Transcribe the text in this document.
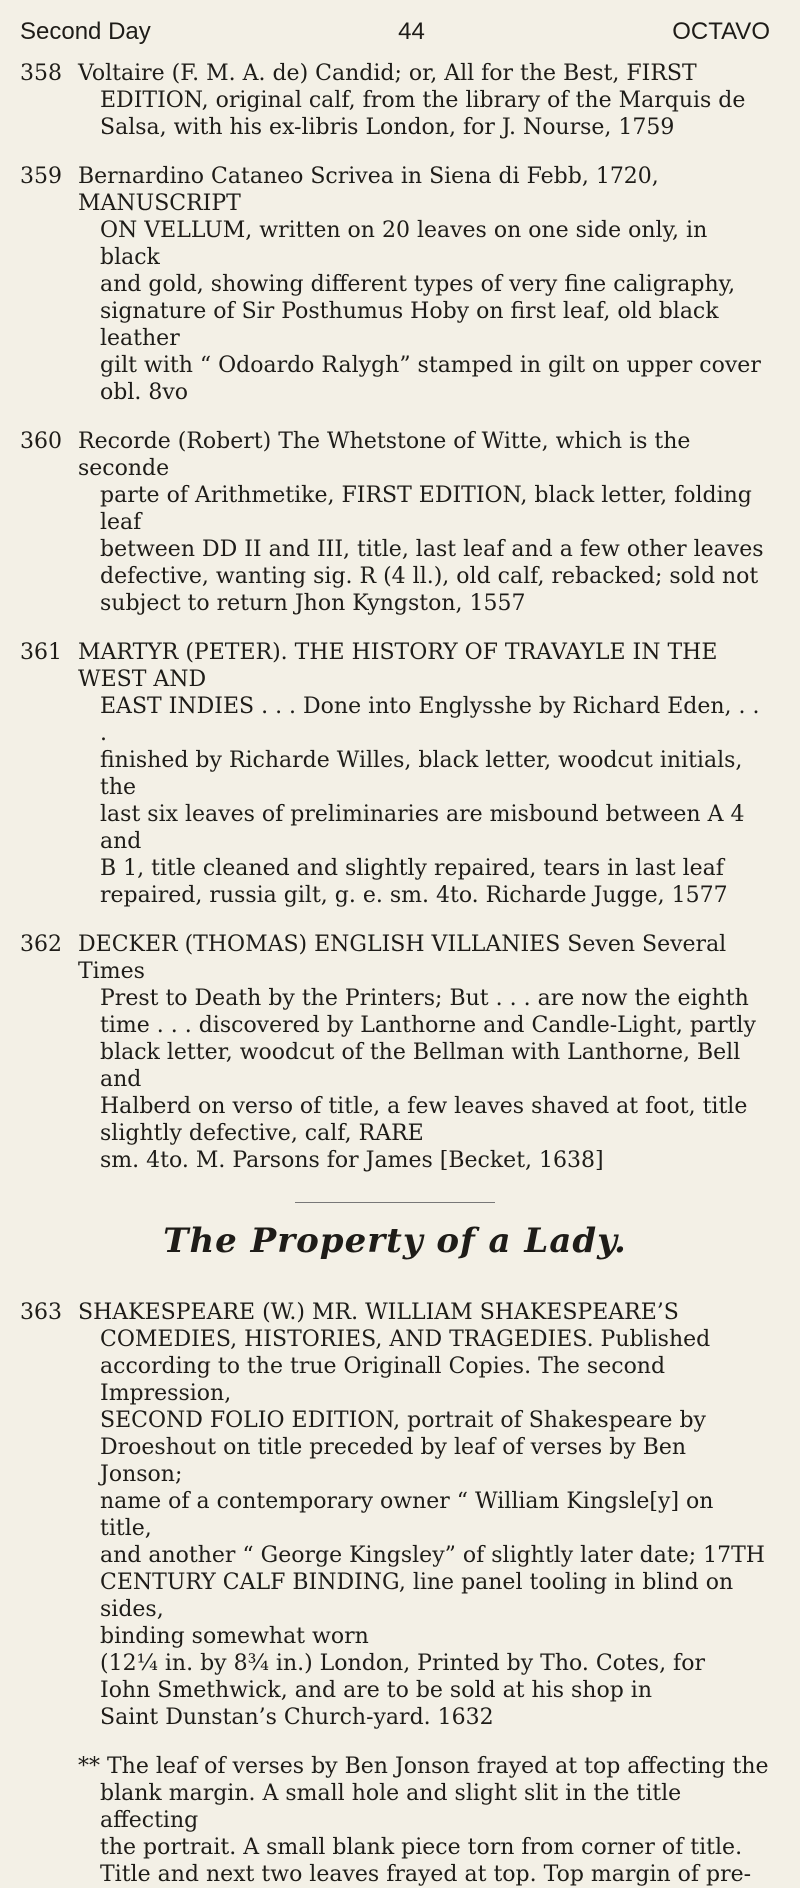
Second Day	44	OCTAVO
358 Voltaire (F. M. A. de) Candid; or, All for the Best, FIRST
EDITION, original calf, from the library of the Marquis de
Salsa, with his ex-libris London, for J. Nourse, 1759
359 Bernardino Cataneo Scrivea in Siena di Febb, 1720, MANUSCRIPT
ON VELLUM, written on 20 leaves on one side only, in black
and gold, showing different types of very fine caligraphy,
signature of Sir Posthumus Hoby on first leaf, old black leather
gilt with “ Odoardo Ralygh” stamped in gilt on upper cover
obl. 8vo
360 Recorde (Robert) The Whetstone of Witte, which is the seconde
parte of Arithmetike, FIRST EDITION, black letter, folding leaf
between DD II and III, title, last leaf and a few other leaves
defective, wanting sig. R (4 ll.), old calf, rebacked; sold not
subject to return Jhon Kyngston, 1557
361 MARTYR (PETER). THE HISTORY OF TRAVAYLE IN THE WEST AND
EAST INDIES . . . Done into Englysshe by Richard Eden, . . .
finished by Richarde Willes, black letter, woodcut initials, the
last six leaves of preliminaries are misbound between A 4 and
B 1, title cleaned and slightly repaired, tears in last leaf
repaired, russia gilt, g. e. sm. 4to. Richarde Jugge, 1577
362 DECKER (THOMAS) ENGLISH VILLANIES Seven Several Times
Prest to Death by the Printers; But . . . are now the eighth
time . . . discovered by Lanthorne and Candle-Light, partly
black letter, woodcut of the Bellman with Lanthorne, Bell and
Halberd on verso of title, a few leaves shaved at foot, title
slightly defective, calf, RARE
sm. 4to. M. Parsons for James [Becket, 1638]
The Property of a Lady.
363 SHAKESPEARE (W.) MR. WILLIAM SHAKESPEARE’S
COMEDIES, HISTORIES, AND TRAGEDIES. Published
according to the true Originall Copies. The second Impression,
SECOND FOLIO EDITION, portrait of Shakespeare by
Droeshout on title preceded by leaf of verses by Ben Jonson;
name of a contemporary owner “ William Kingsle[y] on title,
and another “ George Kingsley” of slightly later date; 17TH
CENTURY CALF BINDING, line panel tooling in blind on sides,
binding somewhat worn
(12¼ in. by 8¾ in.) London, Printed by Tho. Cotes, for
Iohn Smethwick, and are to be sold at his shop in
Saint Dunstan’s Church-yard. 1632
** The leaf of verses by Ben Jonson frayed at top affecting the
blank margin. A small hole and slight slit in the title affecting
the portrait. A small blank piece torn from corner of title.
Title and next two leaves frayed at top. Top margin of pre-
